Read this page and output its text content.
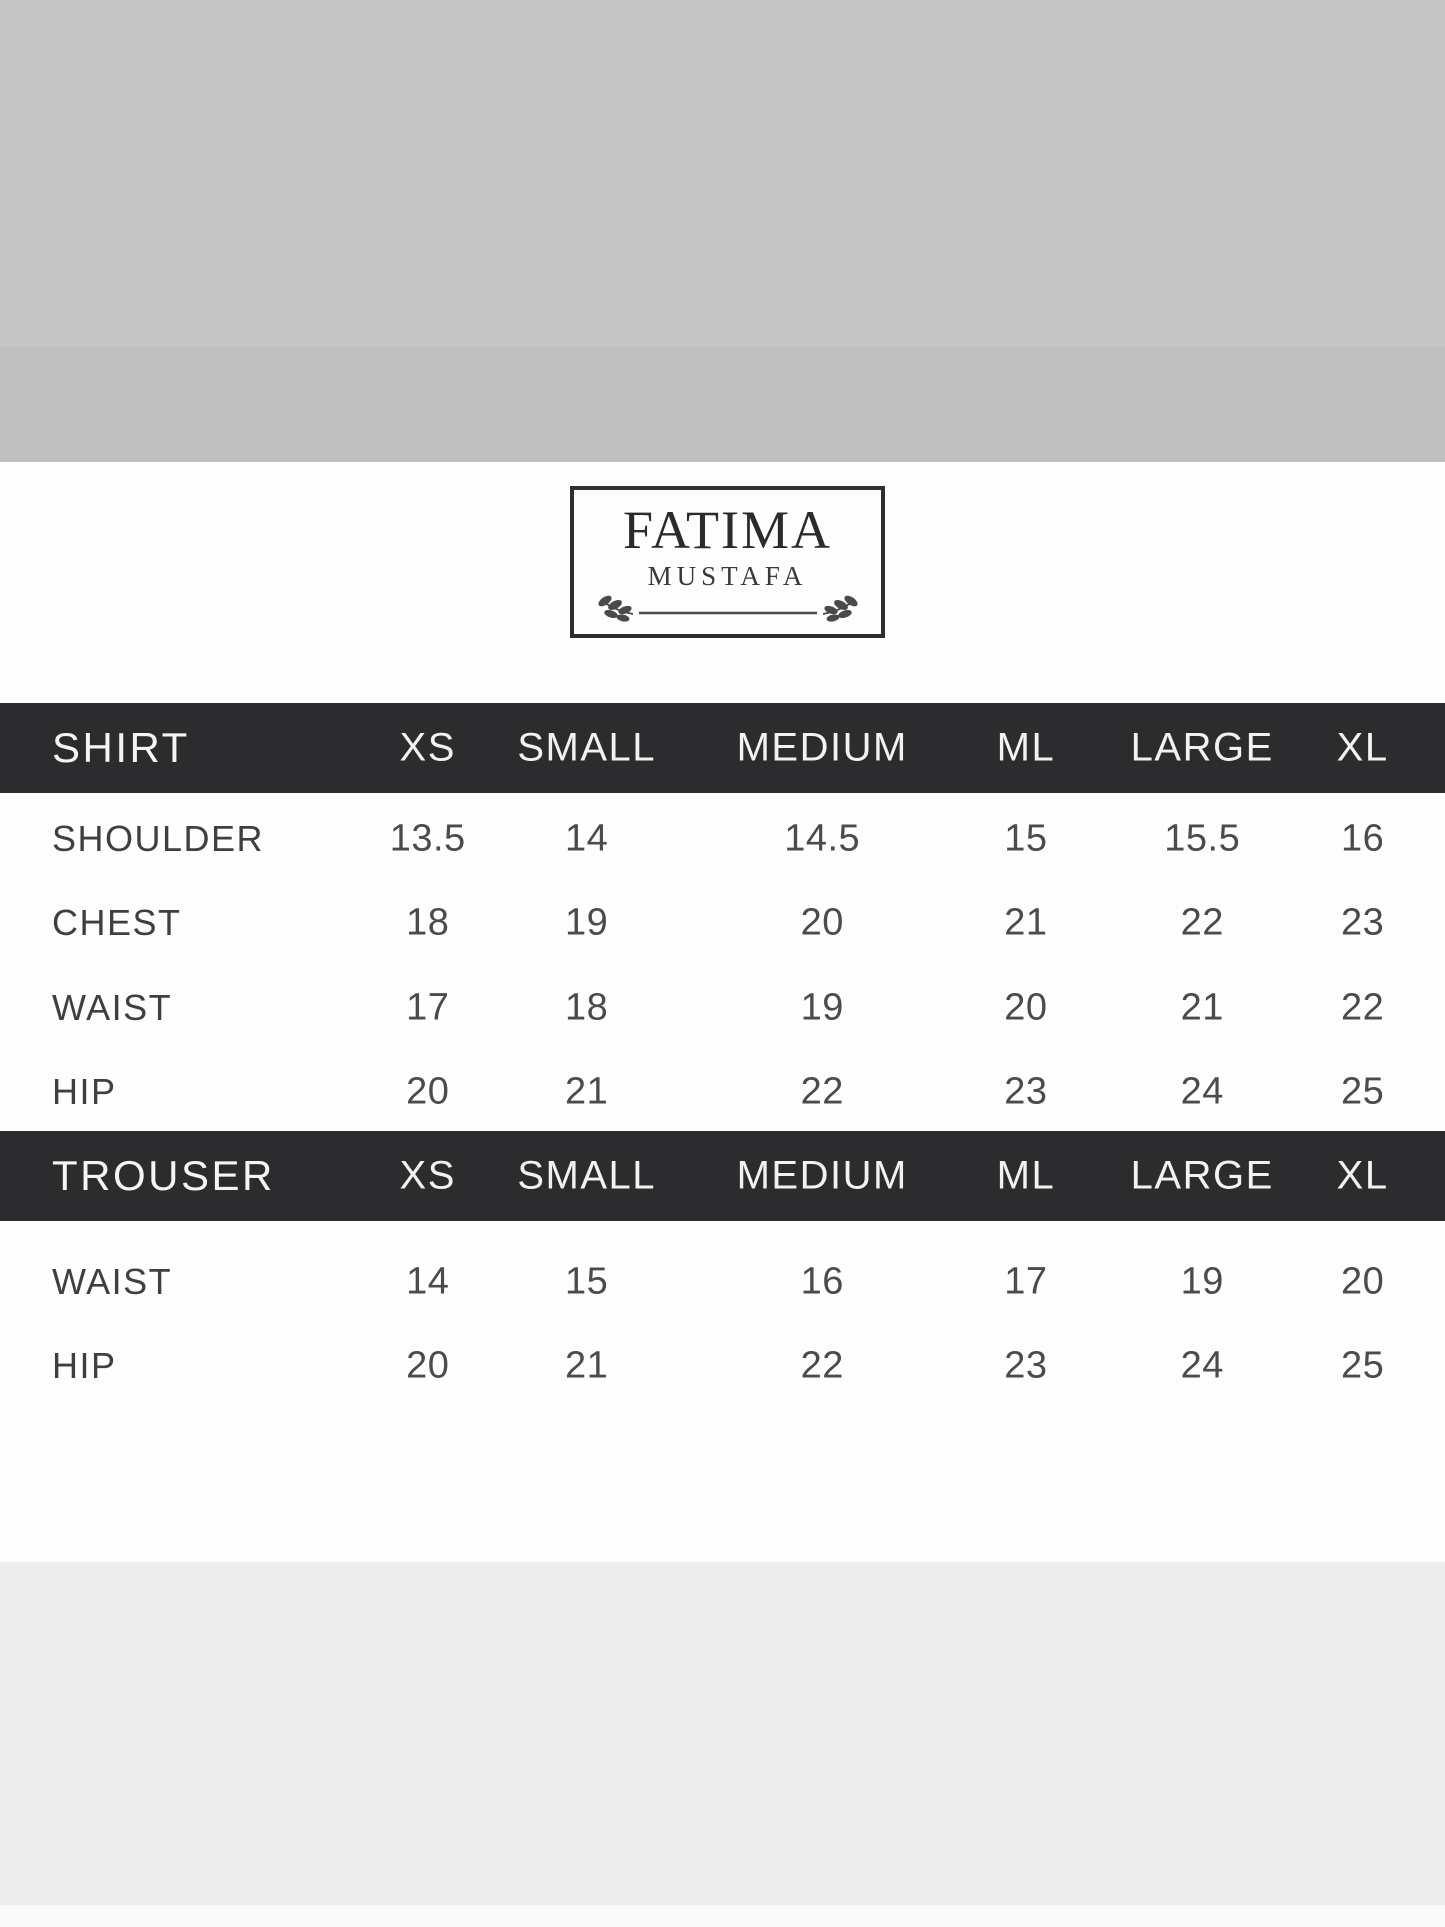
FATIMA
MUSTAFA
SHIRT	XS SMALL MEDIUM ML LARGE XL
SHOULDER	13.5	14	14.5	15	15.5	16
CHEST	18	19	20	21	22	23
WAIST	17	18	19	20	21	22
HIP	20	21	22	23	24	25
TROUSER	XS SMALL MEDIUM ML LARGE XL
WAIST	14	15	16	17	19	20
HIP	20	21	22	23	24	25
